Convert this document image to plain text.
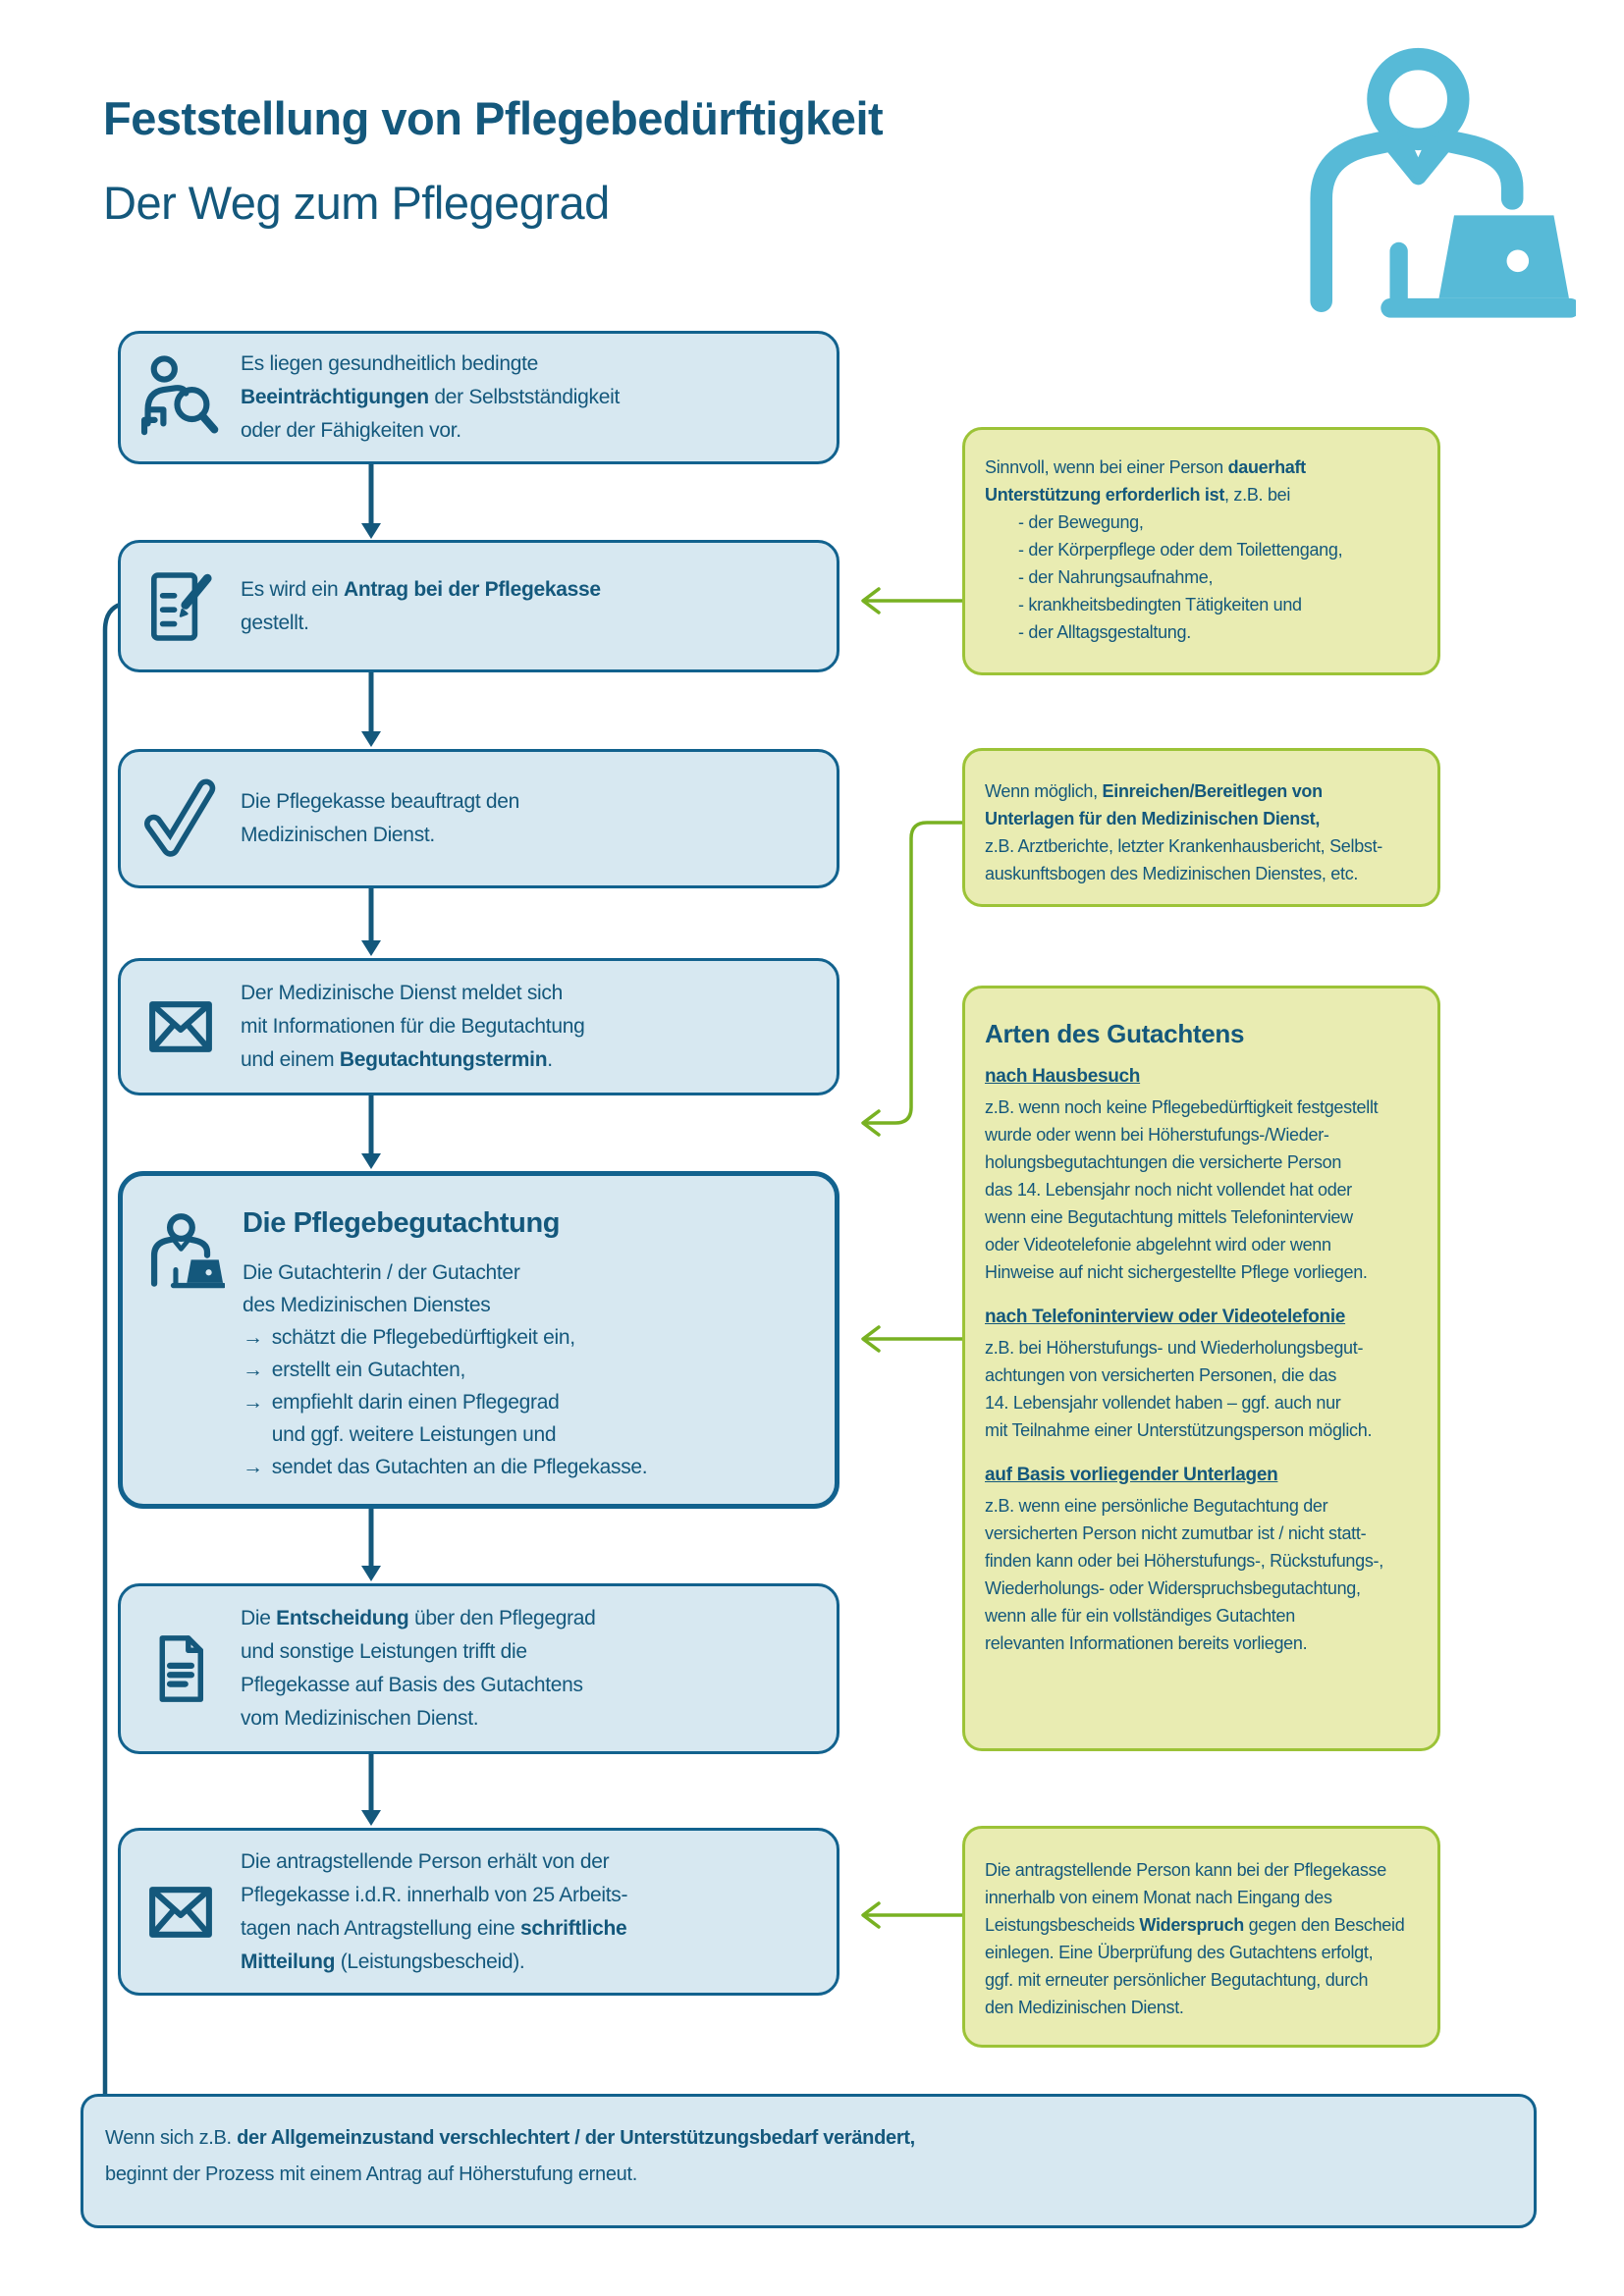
Feststellung von Pflegebedürftigkeit
Der Weg zum Pflegegrad
Es liegen gesundheitlich bedingte
Beeinträchtigungen der Selbstständigkeit
oder der Fähigkeiten vor.
Es wird ein Antrag bei der Pflegekasse
gestellt.
Die Pflegekasse beauftragt den
Medizinischen Dienst.
Der Medizinische Dienst meldet sich
mit Informationen für die Begutachtung
und einem Begutachtungstermin.
Die Pflegebegutachtung
Die Gutachterin / der Gutachter
des Medizinischen Dienstes
→ schätzt die Pflegebedürftigkeit ein,
→ erstellt ein Gutachten,
→ empfiehlt darin einen Pflegegrad
und ggf. weitere Leistungen und
→ sendet das Gutachten an die Pflegekasse.
Die Entscheidung über den Pflegegrad
und sonstige Leistungen trifft die
Pflegekasse auf Basis des Gutachtens
vom Medizinischen Dienst.
Die antragstellende Person erhält von der
Pflegekasse i.d.R. innerhalb von 25 Arbeits-
tagen nach Antragstellung eine schriftliche
Mitteilung (Leistungsbescheid).
Sinnvoll, wenn bei einer Person dauerhaft
Unterstützung erforderlich ist, z.B. bei
- der Bewegung,
- der Körperpflege oder dem Toilettengang,
- der Nahrungsaufnahme,
- krankheitsbedingten Tätigkeiten und
- der Alltagsgestaltung.
Wenn möglich, Einreichen/Bereitlegen von
Unterlagen für den Medizinischen Dienst,
z.B. Arztberichte, letzter Krankenhausbericht, Selbst-
auskunftsbogen des Medizinischen Dienstes, etc.
Arten des Gutachtens
nach Hausbesuch
z.B. wenn noch keine Pflegebedürftigkeit festgestellt
wurde oder wenn bei Höherstufungs-/Wieder-
holungsbegutachtungen die versicherte Person
das 14. Lebensjahr noch nicht vollendet hat oder
wenn eine Begutachtung mittels Telefoninterview
oder Videotelefonie abgelehnt wird oder wenn
Hinweise auf nicht sichergestellte Pflege vorliegen.
nach Telefoninterview oder Videotelefonie
z.B. bei Höherstufungs- und Wiederholungsbegut-
achtungen von versicherten Personen, die das
14. Lebensjahr vollendet haben – ggf. auch nur
mit Teilnahme einer Unterstützungsperson möglich.
auf Basis vorliegender Unterlagen
z.B. wenn eine persönliche Begutachtung der
versicherten Person nicht zumutbar ist / nicht statt-
finden kann oder bei Höherstufungs-, Rückstufungs-,
Wiederholungs- oder Widerspruchsbegutachtung,
wenn alle für ein vollständiges Gutachten
relevanten Informationen bereits vorliegen.
Die antragstellende Person kann bei der Pflegekasse
innerhalb von einem Monat nach Eingang des
Leistungsbescheids Widerspruch gegen den Bescheid
einlegen. Eine Überprüfung des Gutachtens erfolgt,
ggf. mit erneuter persönlicher Begutachtung, durch
den Medizinischen Dienst.
Wenn sich z.B. der Allgemeinzustand verschlechtert / der Unterstützungsbedarf verändert,
beginnt der Prozess mit einem Antrag auf Höherstufung erneut.
